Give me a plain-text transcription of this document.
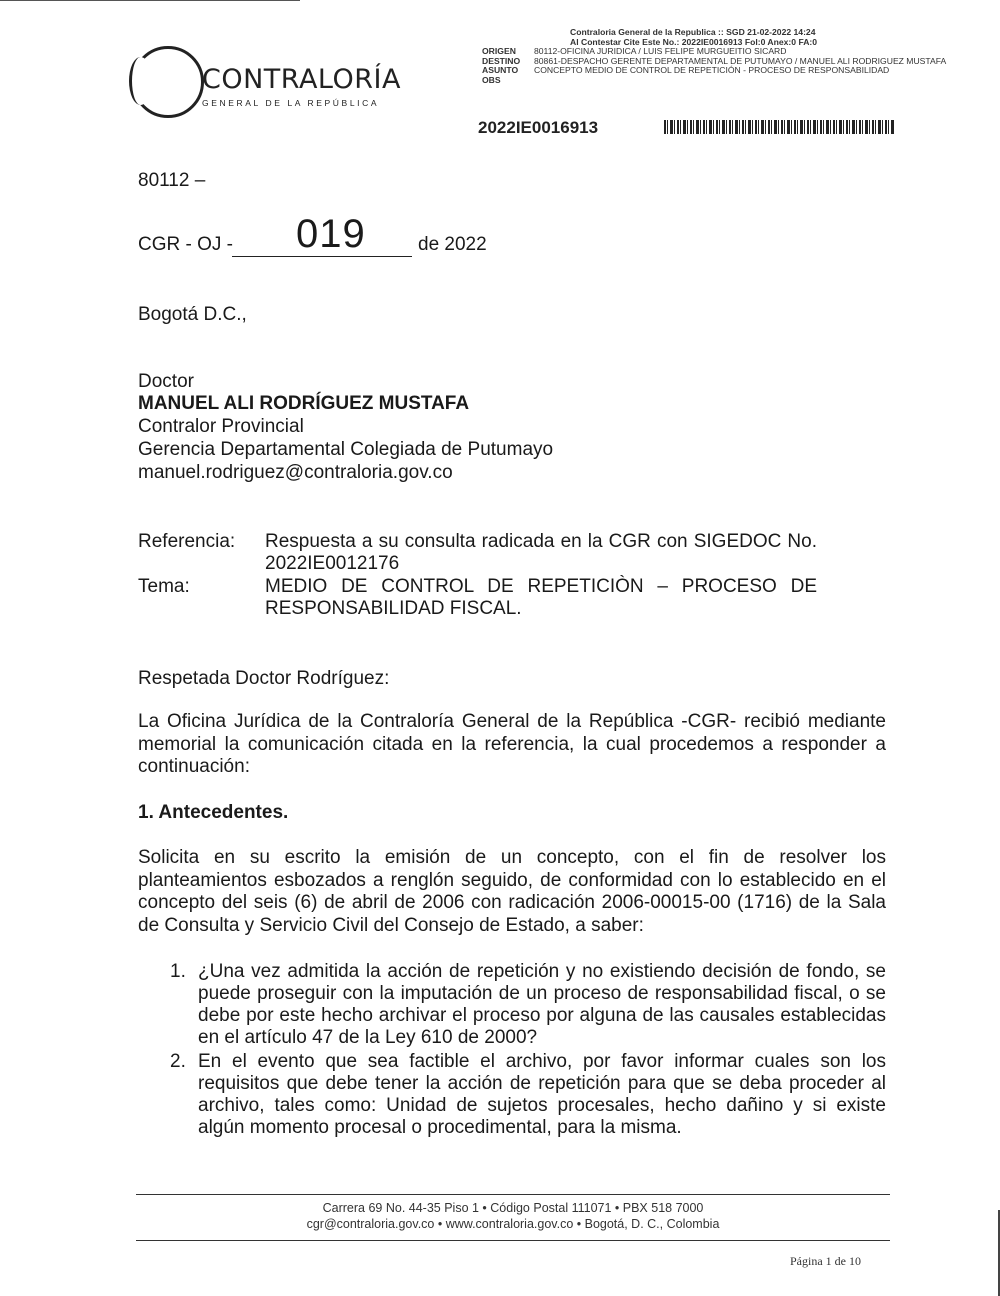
CONTRALORÍA
GENERAL DE LA REPÚBLICA
Contraloria General de la Republica :: SGD 21-02-2022 14:24
Al Contestar Cite Este No.: 2022IE0016913 Fol:0 Anex:0 FA:0
ORIGEN	80112-OFICINA JURIDICA / LUIS FELIPE MURGUEITIO SICARD
DESTINO	80861-DESPACHO GERENTE DEPARTAMENTAL DE PUTUMAYO / MANUEL ALI RODRIGUEZ MUSTAFA
ASUNTO	CONCEPTO MEDIO DE CONTROL DE REPETICIÓN - PROCESO DE RESPONSABILIDAD
OBS
2022IE0016913
80112 –
CGR - OJ - 019	de 2022
Bogotá D.C.,
Doctor
MANUEL ALI RODRÍGUEZ MUSTAFA
Contralor Provincial
Gerencia Departamental Colegiada de Putumayo
manuel.rodriguez@contraloria.gov.co
Referencia: Respuesta a su consulta radicada en la CGR con SIGEDOC No. 2022IE0012176
Tema:	MEDIO DE CONTROL DE REPETICIÒN – PROCESO DE RESPONSABILIDAD FISCAL.
Respetada Doctor Rodríguez:
La Oficina Jurídica de la Contraloría General de la República -CGR- recibió mediante memorial la comunicación citada en la referencia, la cual procedemos a responder a continuación:
1. Antecedentes.
Solicita en su escrito la emisión de un concepto, con el fin de resolver los planteamientos esbozados a renglón seguido, de conformidad con lo establecido en el concepto del seis (6) de abril de 2006 con radicación 2006-00015-00 (1716) de la Sala de Consulta y Servicio Civil del Consejo de Estado, a saber:
1. ¿Una vez admitida la acción de repetición y no existiendo decisión de fondo, se puede proseguir con la imputación de un proceso de responsabilidad fiscal, o se debe por este hecho archivar el proceso por alguna de las causales establecidas en el artículo 47 de la Ley 610 de 2000?
2. En el evento que sea factible el archivo, por favor informar cuales son los requisitos que debe tener la acción de repetición para que se deba proceder al archivo, tales como: Unidad de sujetos procesales, hecho dañino y si existe algún momento procesal o procedimental, para la misma.
Carrera 69 No. 44-35 Piso 1 • Código Postal 111071 • PBX 518 7000
cgr@contraloria.gov.co • www.contraloria.gov.co • Bogotá, D. C., Colombia
Página 1 de 10
